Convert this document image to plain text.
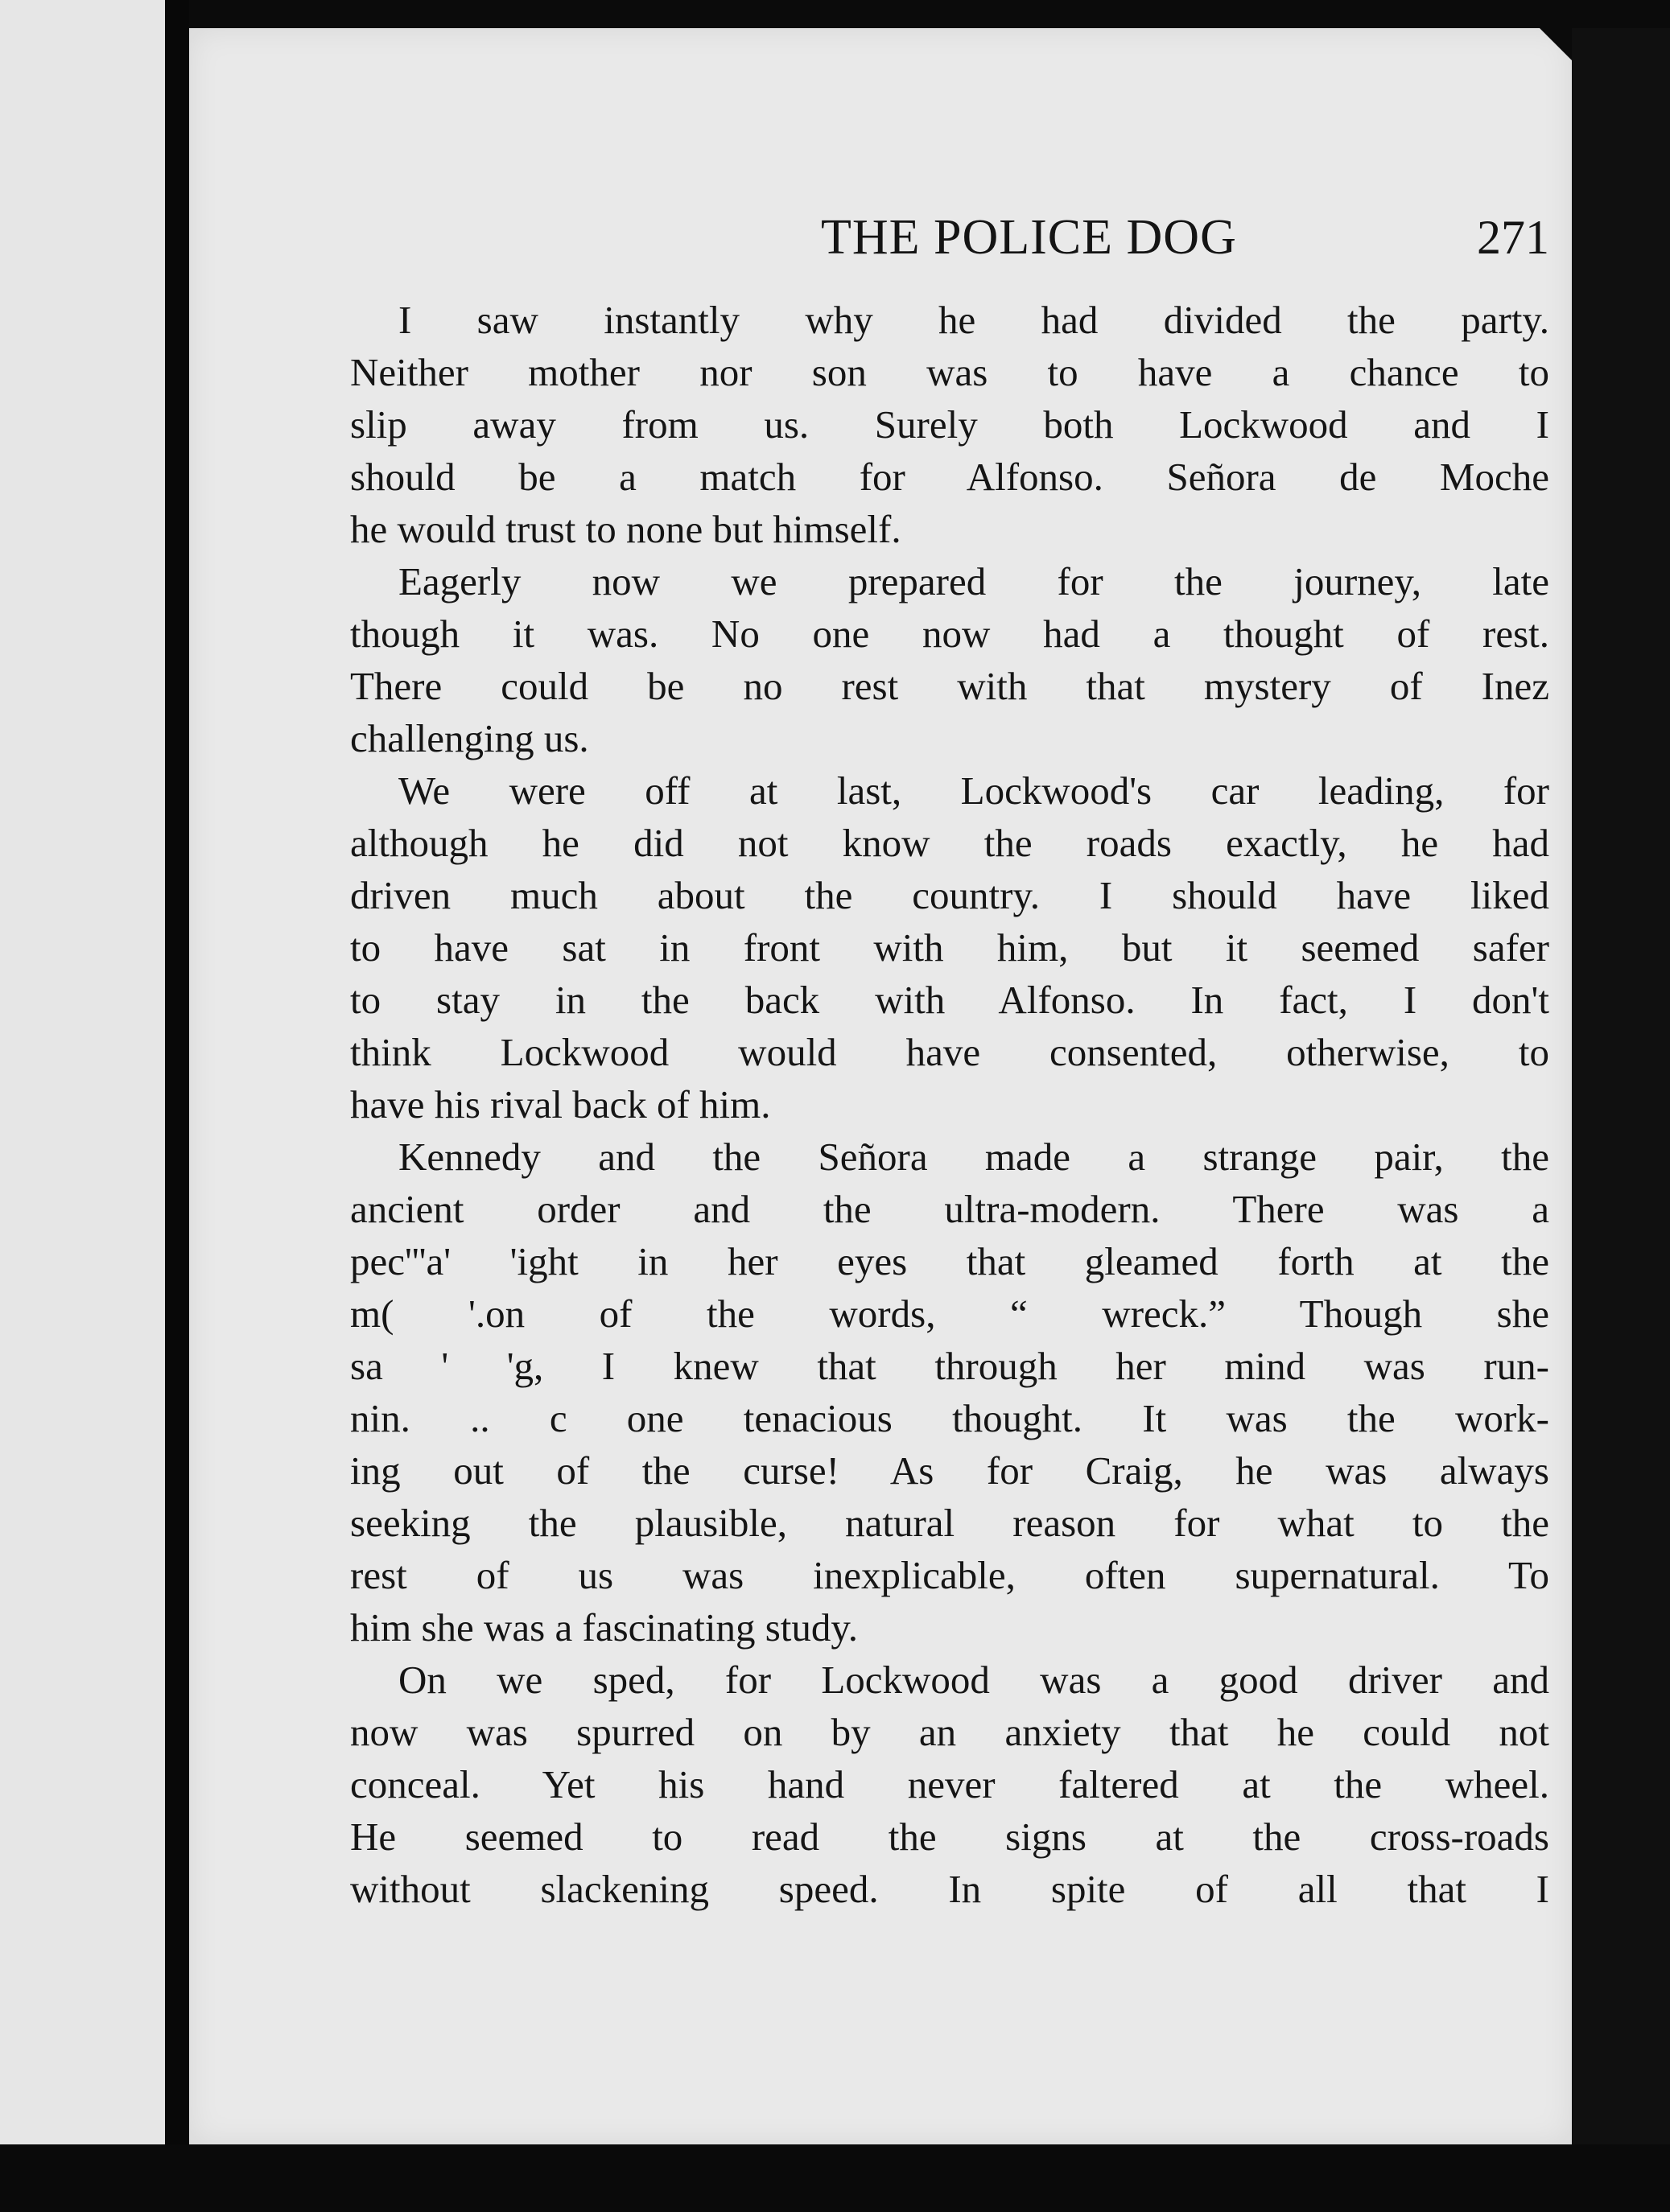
THE POLICE DOG	271
I saw instantly why he had divided the party.
Neither mother nor son was to have a chance to
slip away from us. Surely both Lockwood and I
should be a match for Alfonso. Señora de Moche
he would trust to none but himself.
Eagerly now we prepared for the journey, late
though it was. No one now had a thought of rest.
There could be no rest with that mystery of Inez
challenging us.
We were off at last, Lockwood's car leading, for
although he did not know the roads exactly, he had
driven much about the country. I should have liked
to have sat in front with him, but it seemed safer
to stay in the back with Alfonso. In fact, I don't
think Lockwood would have consented, otherwise, to
have his rival back of him.
Kennedy and the Señora made a strange pair, the
ancient order and the ultra-modern. There was a
pec'''a' 'ight in her eyes that gleamed forth at the
m( '.on of the words, “ wreck.” Though she
sa ' 'g, I knew that through her mind was run-
nin. .. c one tenacious thought. It was the work-
ing out of the curse! As for Craig, he was always
seeking the plausible, natural reason for what to the
rest of us was inexplicable, often supernatural. To
him she was a fascinating study.
On we sped, for Lockwood was a good driver and
now was spurred on by an anxiety that he could not
conceal. Yet his hand never faltered at the wheel.
He seemed to read the signs at the cross-roads
without slackening speed. In spite of all that I
